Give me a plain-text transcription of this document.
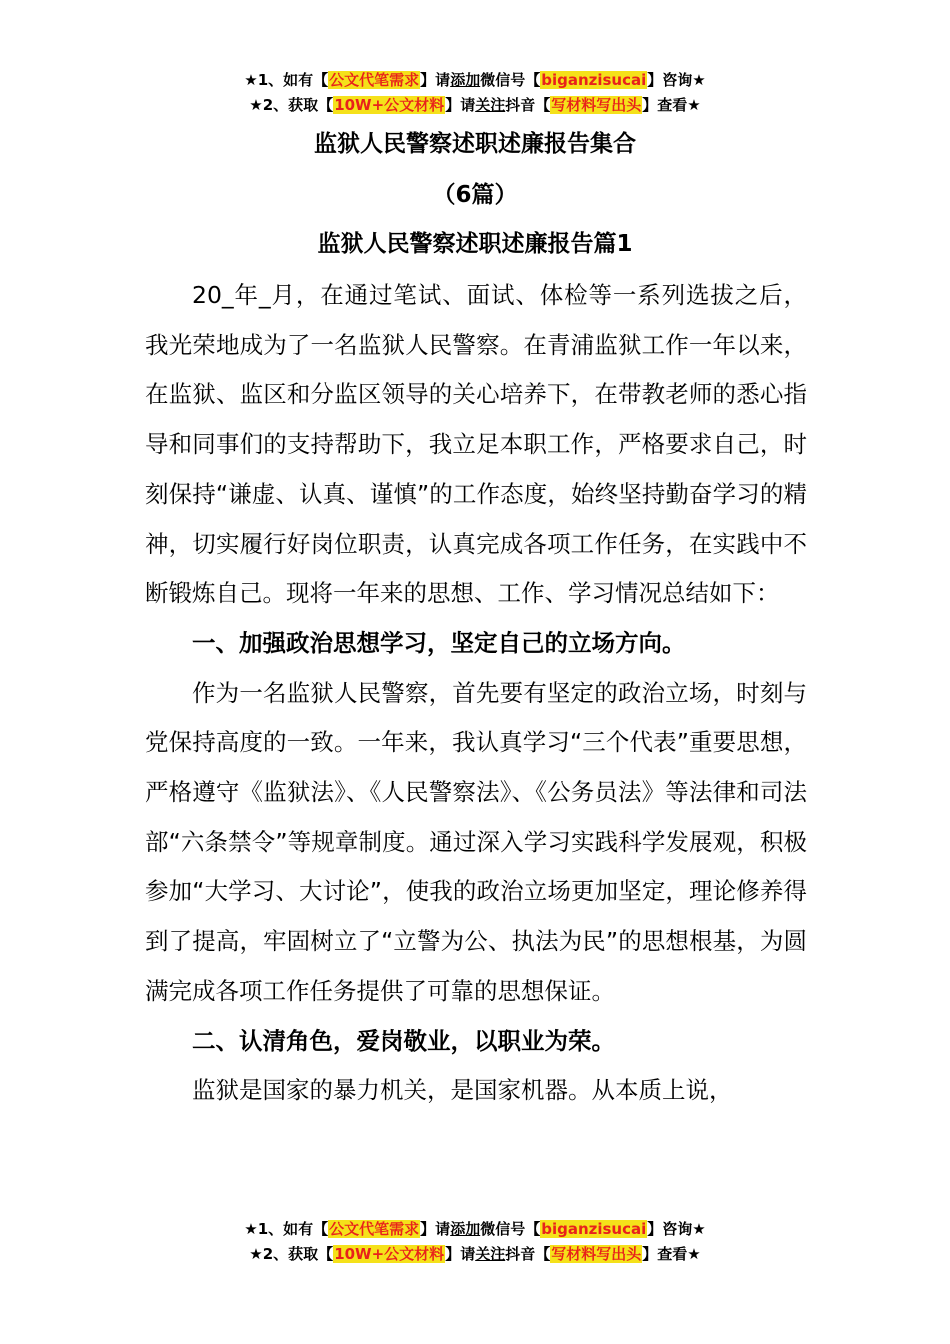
★1、如有【公文代笔需求】请添加微信号【biganzisucai】咨询★
★2、获取【10W+公文材料】请关注抖音【写材料写出头】查看★
监狱人民警察述职述廉报告集合
（6篇）
监狱人民警察述职述廉报告篇1

20_年_月，在通过笔试、面试、体检等一系列选拔之后，我光荣地成为了一名监狱人民警察。在青浦监狱工作一年以来，在监狱、监区和分监区领导的关心培养下，在带教老师的悉心指导和同事们的支持帮助下，我立足本职工作，严格要求自己，时刻保持“谦虚、认真、谨慎”的工作态度，始终坚持勤奋学习的精神，切实履行好岗位职责，认真完成各项工作任务，在实践中不断锻炼自己。现将一年来的思想、工作、学习情况总结如下：

一、加强政治思想学习，坚定自己的立场方向。

作为一名监狱人民警察，首先要有坚定的政治立场，时刻与党保持高度的一致。一年来，我认真学习“三个代表”重要思想，严格遵守《监狱法》、《人民警察法》、《公务员法》等法律和司法部“六条禁令”等规章制度。通过深入学习实践科学发展观，积极参加“大学习、大讨论”，使我的政治立场更加坚定，理论修养得到了提高，牢固树立了“立警为公、执法为民”的思想根基，为圆满完成各项工作任务提供了可靠的思想保证。

二、认清角色，爱岗敬业，以职业为荣。

监狱是国家的暴力机关，是国家机器。从本质上说，

★1、如有【公文代笔需求】请添加微信号【biganzisucai】咨询★
★2、获取【10W+公文材料】请关注抖音【写材料写出头】查看★
